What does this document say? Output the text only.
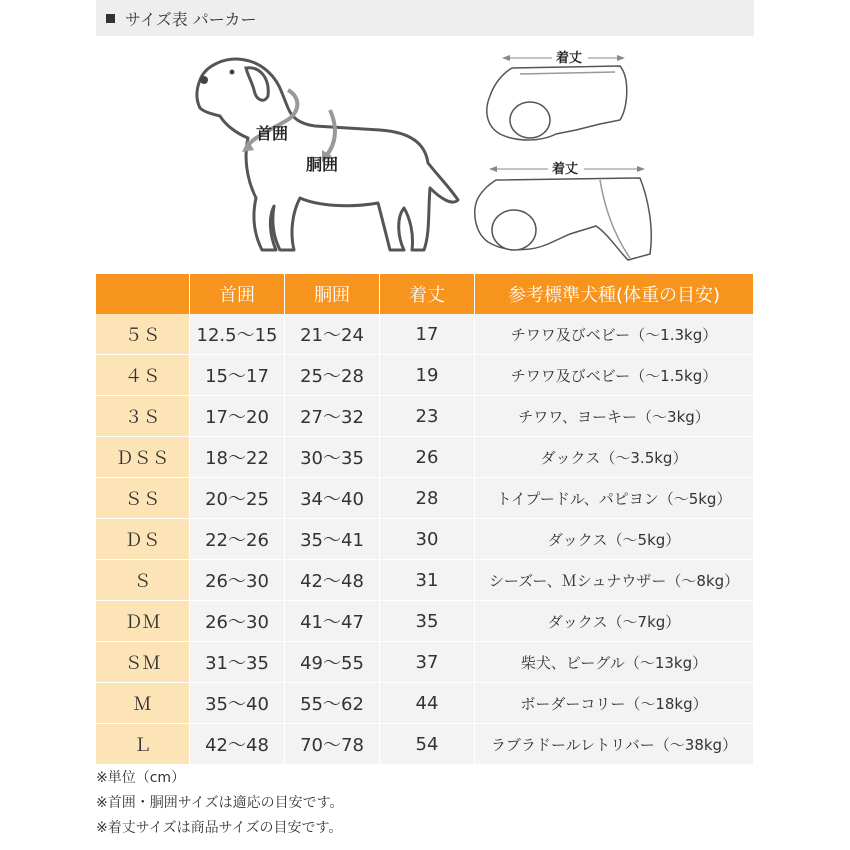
サイズ表 パーカー
首囲
胴囲
着丈
着丈
	首囲	胴囲	着丈	参考標準犬種(体重の目安)
５Ｓ	12.5〜15	21〜24	17	チワワ及びベビー（〜1.3kg）
４Ｓ	15〜17	25〜28	19	チワワ及びベビー（〜1.5kg）
３Ｓ	17〜20	27〜32	23	チワワ、ヨーキー（〜3kg）
ＤＳＳ	18〜22	30〜35	26	ダックス（〜3.5kg）
ＳＳ	20〜25	34〜40	28	トイプードル、パピヨン（〜5kg）
ＤＳ	22〜26	35〜41	30	ダックス（〜5kg）
Ｓ	26〜30	42〜48	31	シーズー、Ｍシュナウザー（〜8kg）
ＤＭ	26〜30	41〜47	35	ダックス（〜7kg）
ＳＭ	31〜35	49〜55	37	柴犬、ビーグル（〜13kg）
Ｍ	35〜40	55〜62	44	ボーダーコリー（〜18kg）
Ｌ	42〜48	70〜78	54	ラブラドールレトリバー（〜38kg）
※単位（cm）
※首囲・胴囲サイズは適応の目安です。
※着丈サイズは商品サイズの目安です。
